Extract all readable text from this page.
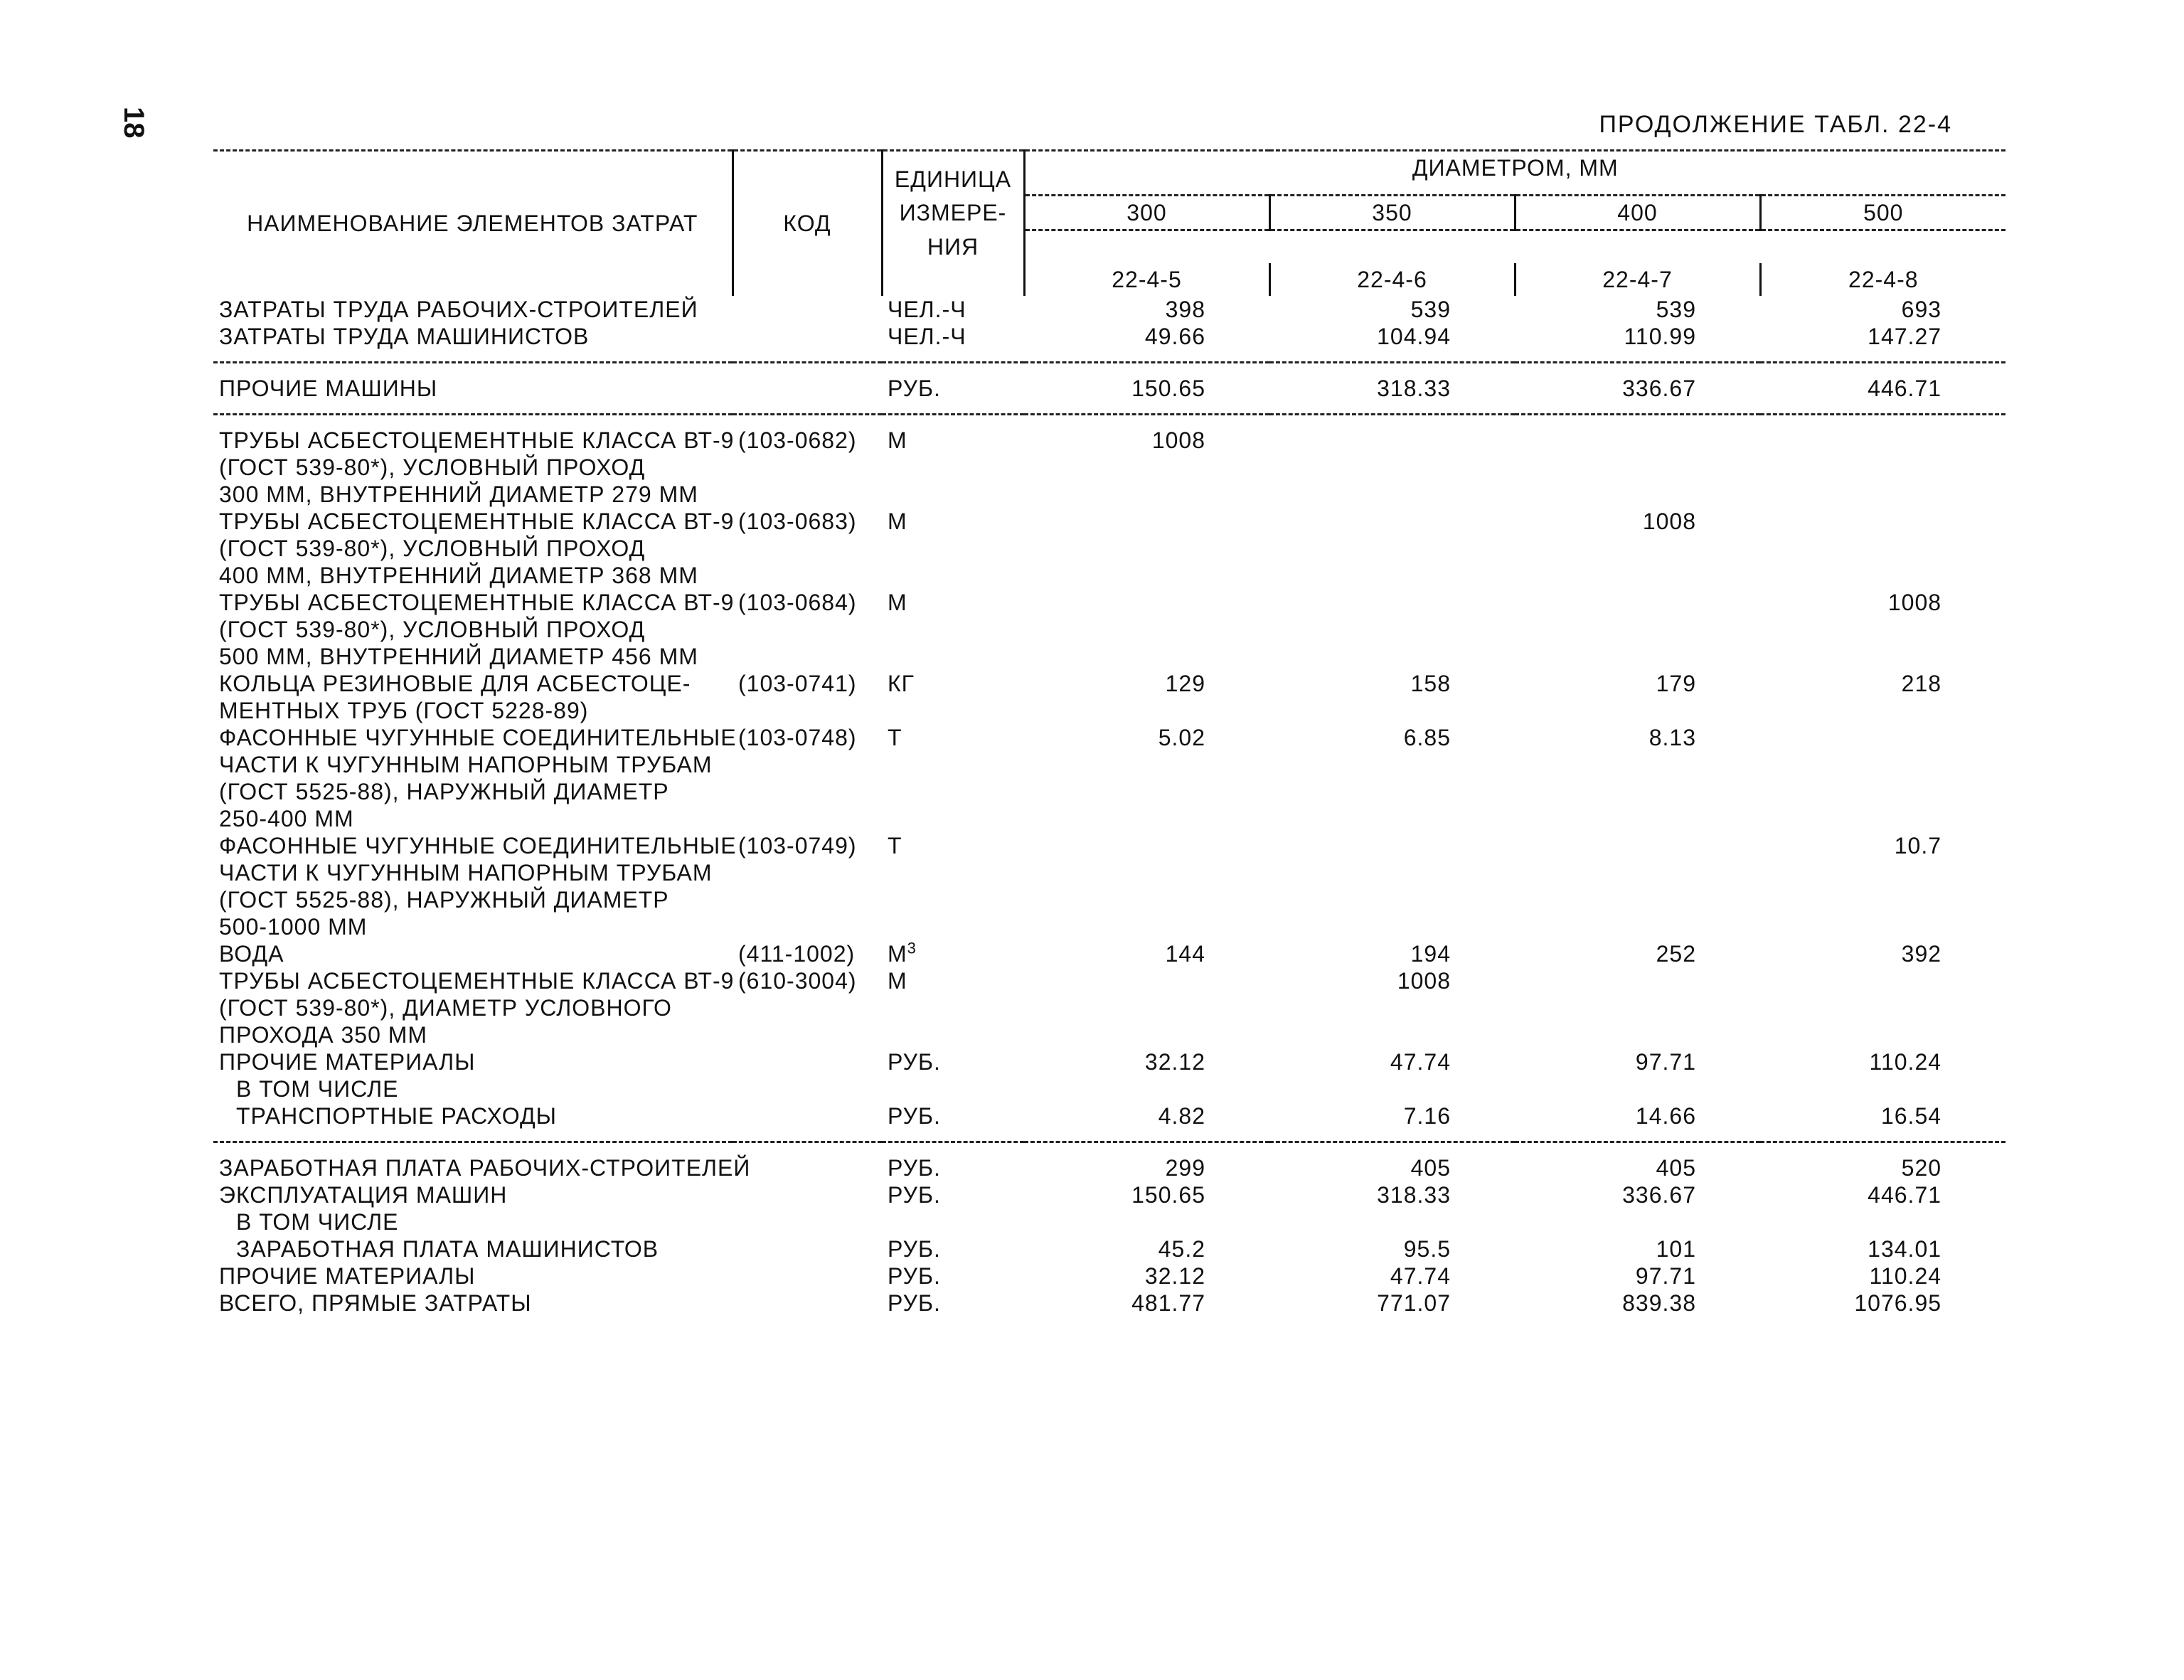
18	ПРОДОЛЖЕНИЕ ТАБЛ. 22-4
НАИМЕНОВАНИЕ ЭЛЕМЕНТОВ ЗАТРАТ	КОД	ЕДИНИЦА	ДИАМЕТРОМ, ММ			

		ИЗМЕРЕ-	300	350	400	500
		НИЯ				
			22-4-5	22-4-6	22-4-7	22-4-8
ЗАТРАТЫ ТРУДА РАБОЧИХ-СТРОИТЕЛЕЙ		ЧЕЛ.-Ч	398	539	539	693
ЗАТРАТЫ ТРУДА МАШИНИСТОВ		ЧЕЛ.-Ч	49.66	104.94	110.99	147.27

ПРОЧИЕ МАШИНЫ		РУБ.	150.65	318.33	336.67	446.71

ТРУБЫ АСБЕСТОЦЕМЕНТНЫЕ КЛАССА ВТ-9	(103-0682)	М	1008			
(ГОСТ 539-80*), УСЛОВНЫЙ ПРОХОД						
300 ММ, ВНУТРЕННИЙ ДИАМЕТР 279 ММ						
ТРУБЫ АСБЕСТОЦЕМЕНТНЫЕ КЛАССА ВТ-9	(103-0683)	М			1008	
(ГОСТ 539-80*), УСЛОВНЫЙ ПРОХОД						
400 ММ, ВНУТРЕННИЙ ДИАМЕТР 368 ММ						
ТРУБЫ АСБЕСТОЦЕМЕНТНЫЕ КЛАССА ВТ-9	(103-0684)	М				1008
(ГОСТ 539-80*), УСЛОВНЫЙ ПРОХОД						
500 ММ, ВНУТРЕННИЙ ДИАМЕТР 456 ММ						
КОЛЬЦА РЕЗИНОВЫЕ ДЛЯ АСБЕСТОЦЕ-	(103-0741)	КГ	129	158	179	218
МЕНТНЫХ ТРУБ (ГОСТ 5228-89)						
ФАСОННЫЕ ЧУГУННЫЕ СОЕДИНИТЕЛЬНЫЕ	(103-0748)	Т	5.02	6.85	8.13	
ЧАСТИ К ЧУГУННЫМ НАПОРНЫМ ТРУБАМ						
(ГОСТ 5525-88), НАРУЖНЫЙ ДИАМЕТР						
250-400 ММ						
ФАСОННЫЕ ЧУГУННЫЕ СОЕДИНИТЕЛЬНЫЕ	(103-0749)	Т				10.7
ЧАСТИ К ЧУГУННЫМ НАПОРНЫМ ТРУБАМ						
(ГОСТ 5525-88), НАРУЖНЫЙ ДИАМЕТР						
500-1000 ММ						
ВОДА	(411-1002)	$М^3$	144	194	252	392
ТРУБЫ АСБЕСТОЦЕМЕНТНЫЕ КЛАССА ВТ-9	(610-3004)	М		1008		
(ГОСТ 539-80*), ДИАМЕТР УСЛОВНОГО						
ПРОХОДА 350 ММ						
ПРОЧИЕ МАТЕРИАЛЫ		РУБ.	32.12	47.74	97.71	110.24
В ТОМ ЧИСЛЕ						
ТРАНСПОРТНЫЕ РАСХОДЫ		РУБ.	4.82	7.16	14.66	16.54

ЗАРАБОТНАЯ ПЛАТА РАБОЧИХ-СТРОИТЕЛЕЙ		РУБ.	299	405	405	520
ЭКСПЛУАТАЦИЯ МАШИН		РУБ.	150.65	318.33	336.67	446.71
В ТОМ ЧИСЛЕ						
ЗАРАБОТНАЯ ПЛАТА МАШИНИСТОВ		РУБ.	45.2	95.5	101	134.01
ПРОЧИЕ МАТЕРИАЛЫ		РУБ.	32.12	47.74	97.71	110.24
ВСЕГО, ПРЯМЫЕ ЗАТРАТЫ		РУБ.	481.77	771.07	839.38	1076.95
